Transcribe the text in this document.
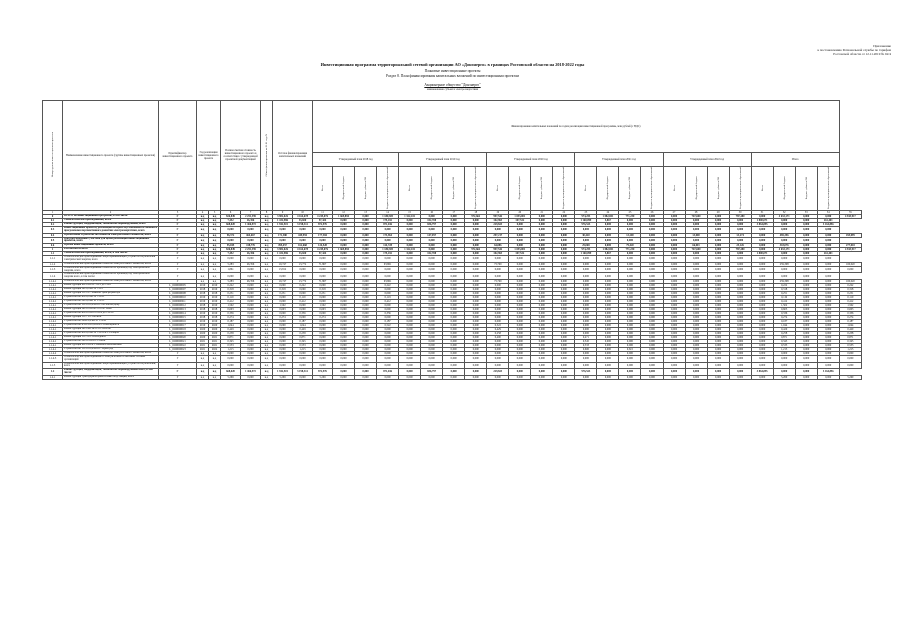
Приложение
к постановлению Региональной службы по тарифам
Ростовской области от 12.11.2019 № 62/4
Инвестиционная программа территориальной сетевой организации АО «Донэнерго» в границах Ростовской области на 2018-2022 годы
Плановые инвестиционные проекты
Раздел 8. План финансирования капитальных вложений по инвестиционным проектам
Акционерное общество "Донэнерго"
наименование субъекта электроэнергетики
Номер группы инвести-ционных проектов	Наименование инвестиционного проекта (группы инвестиционных проектов)	Идентификатор инвестиционного проекта	Год реализации инвестиционного проекта		Полная сметная стоимость инвестиционного проекта в соответствии с утвержденной проектной документацией		Объем финансирования на 01.01 года N	Остаток финансирования капитальных вложений		Финансирование капитальных вложений по годам реализации инвестиционной программы, млн рублей (с НДС)																								
										Утвержденный план 2018 год				Утвержденный план 2019 год				Утвержденный план 2020 год				Утвержденный план 2021 год				Утвержденный план 2022 год				Итого				
										Всего	Федеральный бюджет	Бюджет субъекта РФ	Бюджеты муниципальных образований	Всего	Федеральный бюджет	Бюджет субъекта РФ	Бюджеты муниципальных образований	Всего	Федеральный бюджет	Бюджет субъекта РФ	Бюджеты муниципальных образований	Всего	Федеральный бюджет	Бюджет субъекта РФ	Бюджеты муниципальных образований	Всего	Федеральный бюджет	Бюджет субъекта РФ	Бюджеты муниципальных образований	Всего	Федеральный бюджет	Бюджет субъекта РФ	Бюджеты муниципальных образований	
1	2	3	4	5	6	7	8	9	10	11	12	13	14	15	16	17	18	19	20	21	22	23	24	25	26	27	28	29	30	31	32	33	34	35
0	ВСЕГО по инвестиционной программе, в том числе:	Г	н.д	н.д	826,849	2 251,359	н.д	3 982,026	4 164,678	4 245,076	1 669,894	0,000	1 180,305	1 322,431	0,000	0,000	972,662	997,542	1 053,001	0,000	0,000	974,253	1 082,691	771,230	0,000	0,000	767,600	0,000	787,280	0,000	4 633,171	0,000	0,000	4 943,917
0.1	Технологическое присоединение, всего	Г	н.д	н.д	7,452	26,356	н.д	1 432,986	33,820	57,424	0,000	0,000	175,432	0,000	102,708	0,000	0,000	102,963	107,532	0,000	0,000	1 160,099	5,867	0,000	0,000	0,000	0,000	0,000	0,000	1 800,071	0,000	0,000	261,401	
0.2	Реконструкция, модернизация, техническое перевооружение, всего	Г	н.д	н.д	668,020	1 466,972	н.д	1 942,501	3 198,312	872,976	0,000	0,000	871,636	0,000	836,797	0,000	0,000	229,823	0,000	0,000	0,000	976,523	0,000	0,000	0,000	0,000	0,000	0,000	0,000	3 864,855	0,000	0,000	3 164,856	
0.3	Инвестиционные проекты, реализация которых обуславливается схемами и программами перспективного развития электроэнергетики, всего	Г	н.д	н.д	0,000	0,000	н.д	0,000	0,000	0,000	0,000	0,000	0,000	0,000	0,000	0,000	0,000	0,000	0,000	0,000	0,000	0,000	0,000	0,000	0,000	0,000	0,000	0,000	0,000	0,000	0,000	0,000	0,000	
0.4	Прочее новое строительство объектов электросетевого хозяйства, всего	Г	н.д	н.д	96,372	464,667	н.д	171,380	449,994	177,384	0,000	0,000	173,964	0,000	147,057	0,000	0,000	297,217	0,000	0,000	0,000	30,420	0,000	13,200	0,000	0,000	13,000	0,000	13,274	0,000	485,396	0,000	0,000	455,099
0.5	Покупка земельных участков для целей реализации инвестиционных проектов, всего	Г	н.д	н.д	0,000	0,000	н.д	0,000	0,000	0,000	0,000	0,000	0,000	0,000	0,000	0,000	0,000	0,000	0,000	0,000	0,000	0,000	0,000	0,000	0,000	0,000	0,000	0,000	0,000	0,000	0,000	0,000	0,000	
0.6	Прочие инвестиционные проекты, всего	Г	н.д	н.д	55,045	418,776	н.д	495,457	162,668	124,528	0,000	0,000	124,728	0,000	0,000	0,000	0,000	64,086	0,000	0,000	0,000	25,068	0,000	79,420	0,000	0,000	66,001	0,000	25,126	0,000	318,076	0,000	0,000	277,018
1	Ростовская область	Г	н.д	н.д	826,849	2 251,359	н.д	3 982,026	4 164,678	4 245,076	1 669,894	0,000	1 180,305	1 322,431	0,000	0,000	972,662	997,542	1 053,001	0,000	0,000	974,253	1 082,691	771,230	0,000	0,000	767,600	0,000	787,280	0,000	4 633,171	0,000	0,000	4 943,917
1.1	Технологическое присоединение, всего, в том числе:	Г	н.д	н.д	7,452	26,356	н.д	1 432,986	33,820	57,424	0,000	0,000	175,432	0,000	102,708	0,000	0,000	102,963	107,532	0,000	0,000	1 160,099	5,867	0,000	0,000	0,000	0,000	0,000	0,000	1 800,071	0,000	0,000	261,401	
1.1.1	Технологическое присоединение энергопринимающих устройств потребителей электрической энергии, всего	Г	н.д	н.д	0,000	0,000	н.д	0,000	0,000	0,000	0,000	0,000	0,000	0,000	0,000	0,000	0,000	0,000	0,000	0,000	0,000	0,000	0,000	0,000	0,000	0,000	0,000	0,000	0,000	0,000	0,000	0,000	0,000	
1.1.2	Технологическое присоединение объектов электросетевого хозяйства, всего	Г	н.д	н.д	5,283	26,356	н.д	19,747	13,772	71,867	0,000	0,000	93,861	0,000	0,000	0,000	0,000	73,769	0,000	0,000	0,000	0,000	0,000	0,000	0,000	0,000	0,000	0,000	0,000	0,000	259,398	0,000	0,000	160,020
1.1.3	Технологическое присоединение объектов по производству электрической энергии, всего	Г	н.д	н.д	1,861	0,000	н.д	13,812	0,000	0,000	0,000	0,000	0,000	0,000	0,000	0,000	0,000	0,000	0,000	0,000	0,000	0,000	0,000	0,000	0,000	0,000	0,000	0,000	0,000	0,000	0,000	0,000	0,000	0,000
1.1.4	Технологическое присоединение объектов по производству электрической энергии всего, в том числе:	Г	н.д	н.д	0,000	0,000	н.д	0,000	0,000	0,000	0,000	0,000	0,000	0,000	0,000	0,000	0,000	0,000	0,000	0,000	0,000	0,000	0,000	0,000	0,000	0,000	0,000	0,000	0,000	0,000	0,000	0,000	0,000	
1.1.4.1	Технологическое присоединение объектов электросетевого хозяйства, всего	Г	н.д	н.д	5,283	26,356	н.д	19,747	13,772	71,867	0,000	0,000	93,861	0,000	0,000	0,000	0,000	73,769	0,000	0,000	0,000	0,000	0,000	0,000	0,000	0,000	0,000	0,000	0,000	0,000	259,398	0,000	0,000	160,020
1.1.4.1	Реконструкция КЛ-6 кВ от ТП-1 до ТП-2	L_0200000005	2019	2019	0,222	0,000	н.д	0,000	0,222	0,000	0,000	0,000	0,222	0,000	0,000	0,000	0,000	0,000	0,000	0,000	0,000	0,000	0,000	0,000	0,000	0,000	0,000	0,000	0,000	0,000	0,222	0,000	0,000	0,222
1.1.4.1	Реконструкция ВЛ-0,4 кВ от ТП-5	L_0200000007	2018	2019	0,318	0,000	н.д	0,318	0,000	0,318	0,000	0,000	0,000	0,000	0,000	0,000	0,000	0,000	0,000	0,000	0,000	0,000	0,000	0,000	0,000	0,000	0,000	0,000	0,000	0,000	0,318	0,000	0,000	0,318
1.1.4.1	Реконструкция ТП-12 с заменой трансформатора	L_0200000008	2018	2018	0,251	0,000	н.д	0,251	0,000	0,251	0,000	0,000	0,000	0,000	0,000	0,000	0,000	0,000	0,000	0,000	0,000	0,000	0,000	0,000	0,000	0,000	0,000	0,000	0,000	0,000	0,251	0,000	0,000	0,251
1.1.4.1	Строительство КЛ-0,4 кВ от ТП-21	L_0200000010	2019	2019	0,119	0,000	н.д	0,000	0,119	0,000	0,000	0,000	0,119	0,000	0,000	0,000	0,000	0,000	0,000	0,000	0,000	0,000	0,000	0,000	0,000	0,000	0,000	0,000	0,000	0,000	0,119	0,000	0,000	0,119
1.1.4.1	Строительство ВЛ-0,4 кВ от ТП-33	L_0200000011	2019	2019	0,412	0,000	н.д	0,000	0,412	0,000	0,000	0,000	0,412	0,000	0,000	0,000	0,000	0,000	0,000	0,000	0,000	0,000	0,000	0,000	0,000	0,000	0,000	0,000	0,000	0,000	0,412	0,000	0,000	0,412
1.1.4.1	Строительство ТП-10/0,4 кВ в г. Ростов-на-Дону	L_0200000012	2018	2019	1,502	0,000	н.д	1,502	0,000	1,502	0,000	0,000	0,000	0,000	0,000	0,000	0,000	0,000	0,000	0,000	0,000	0,000	0,000	0,000	0,000	0,000	0,000	0,000	0,000	0,000	1,502	0,000	0,000	1,502
1.1.4.1	Реконструкция ВЛ-10 кВ Ф-3 от ПС Азов	L_0200000013	2018	2018	0,603	0,000	н.д	0,603	0,000	0,603	0,000	0,000	0,000	0,000	0,000	0,000	0,000	0,000	0,000	0,000	0,000	0,000	0,000	0,000	0,000	0,000	0,000	0,000	0,000	0,000	0,603	0,000	0,000	0,603
1.1.4.1	Строительство КЛ-10 кВ от РП-4 до ТП-18	L_0200000014	2019	2019	0,336	0,000	н.д	0,000	0,336	0,000	0,000	0,000	0,336	0,000	0,000	0,000	0,000	0,000	0,000	0,000	0,000	0,000	0,000	0,000	0,000	0,000	0,000	0,000	0,000	0,000	0,336	0,000	0,000	0,336
1.1.4.1	Реконструкция ТП-7 в г. Батайск	L_0200000015	2018	2018	0,274	0,000	н.д	0,274	0,000	0,274	0,000	0,000	0,000	0,000	0,000	0,000	0,000	0,000	0,000	0,000	0,000	0,000	0,000	0,000	0,000	0,000	0,000	0,000	0,000	0,000	0,274	0,000	0,000	0,274
1.1.4.1	Строительство ВЛИ-0,4 кВ от ТП-41	L_0200000016	2019	2019	0,187	0,000	н.д	0,000	0,187	0,000	0,000	0,000	0,187	0,000	0,000	0,000	0,000	0,000	0,000	0,000	0,000	0,000	0,000	0,000	0,000	0,000	0,000	0,000	0,000	0,000	0,187	0,000	0,000	0,187
1.1.4.1	Строительство КТП-10/0,4 кВ в г. Новочеркасск	L_0200000017	2019	2020	1,044	0,000	н.д	0,000	1,044	0,000	0,000	0,000	0,522	0,000	0,000	0,000	0,000	0,522	0,000	0,000	0,000	0,000	0,000	0,000	0,000	0,000	0,000	0,000	0,000	0,000	1,044	0,000	0,000	1,044
1.1.4.1	Реконструкция ВЛ-6 кВ Ф-12 в г. Шахты	L_0200000018	2020	2020	0,429	0,000	н.д	0,000	0,429	0,000	0,000	0,000	0,000	0,000	0,000	0,000	0,000	0,429	0,000	0,000	0,000	0,000	0,000	0,000	0,000	0,000	0,000	0,000	0,000	0,000	0,429	0,000	0,000	0,429
1.1.4.1	Строительство КЛ-0,4 кВ от ТП-56 в г. Таганрог	L_0200000019	2020	2020	0,258	0,000	н.д	0,000	0,258	0,000	0,000	0,000	0,000	0,000	0,000	0,000	0,000	0,258	0,000	0,000	0,000	0,000	0,000	0,000	0,000	0,000	0,000	0,000	0,000	0,000	0,258	0,000	0,000	0,258
1.1.4.1	Реконструкция ТП-3 в г. Волгодонск	L_0200000020	2020	2021	0,871	0,000	н.д	0,000	0,871	0,000	0,000	0,000	0,000	0,000	0,000	0,000	0,000	0,400	0,000	0,000	0,000	0,471	0,000	0,000	0,000	0,000	0,000	0,000	0,000	0,000	0,871	0,000	0,000	0,871
1.1.4.1	Строительство ВЛ-10 кВ в г. Сальск	L_0200000021	2021	2021	0,345	0,000	н.д	0,000	0,345	0,000	0,000	0,000	0,000	0,000	0,000	0,000	0,000	0,000	0,000	0,000	0,000	0,345	0,000	0,000	0,000	0,000	0,000	0,000	0,000	0,000	0,345	0,000	0,000	0,345
1.1.4.1	Реконструкция КЛ-6 кВ в г. Каменск-Шахтинский	L_0200000022	2021	2021	0,533	0,000	н.д	0,000	0,533	0,000	0,000	0,000	0,000	0,000	0,000	0,000	0,000	0,000	0,000	0,000	0,000	0,533	0,000	0,000	0,000	0,000	0,000	0,000	0,000	0,000	0,533	0,000	0,000	0,533
1.1.4.1	Строительство ТП-10/0,4 кВ в г. Зерноград	L_0200000023	2021	2022	1,215	0,000	н.д	0,000	1,215	0,000	0,000	0,000	0,000	0,000	0,000	0,000	0,000	0,000	0,000	0,000	0,000	0,600	0,000	0,615	0,000	0,000	0,000	0,000	0,000	0,000	1,215	0,000	0,000	1,215
1.1.4.2	Технологическое присоединение объектов электросетевого хозяйства, всего	Г	н.д	н.д	0,000	0,000	н.д	0,000	0,000	0,000	0,000	0,000	0,000	0,000	0,000	0,000	0,000	0,000	0,000	0,000	0,000	0,000	0,000	0,000	0,000	0,000	0,000	0,000	0,000	0,000	0,000	0,000	0,000	0,000
1.1.4.3	Технологическое присоединение к электрическим сетям иных сетевых организаций	Г	н.д	н.д	0,000	0,000	н.д	0,000	0,000	0,000	0,000	0,000	0,000	0,000	0,000	0,000	0,000	0,000	0,000	0,000	0,000	0,000	0,000	0,000	0,000	0,000	0,000	0,000	0,000	0,000	0,000	0,000	0,000	0,000
1.1.5	Технологическое присоединение энергопринимающих устройств потребителей, всего	Г	н.д	н.д	0,000	0,000	н.д	0,000	0,000	0,000	0,000	0,000	0,000	0,000	0,000	0,000	0,000	0,000	0,000	0,000	0,000	0,000	0,000	0,000	0,000	0,000	0,000	0,000	0,000	0,000	0,000	0,000	0,000	0,000
1.2	Реконструкция, модернизация, техническое перевооружение всего, в том числе:	Г	н.д	н.д	668,020	1 466,972	н.д	1 942,501	3 198,312	872,976	0,000	0,000	871,636	0,000	836,797	0,000	0,000	229,823	0,000	0,000	0,000	976,523	0,000	0,000	0,000	0,000	0,000	0,000	0,000	3 864,855	0,000	0,000	3 164,856	
1.2.1	Реконструкция трансформаторных и иных подстанций, всего	Г	н.д	н.д	5,269	0,000	н.д	5,269	0,000	5,269	0,000	0,000	0,000	0,000	0,000	0,000	0,000	0,000	0,000	0,000	0,000	0,000	0,000	0,000	0,000	0,000	0,000	0,000	0,000	0,000	5,269	0,000	0,000	5,269
